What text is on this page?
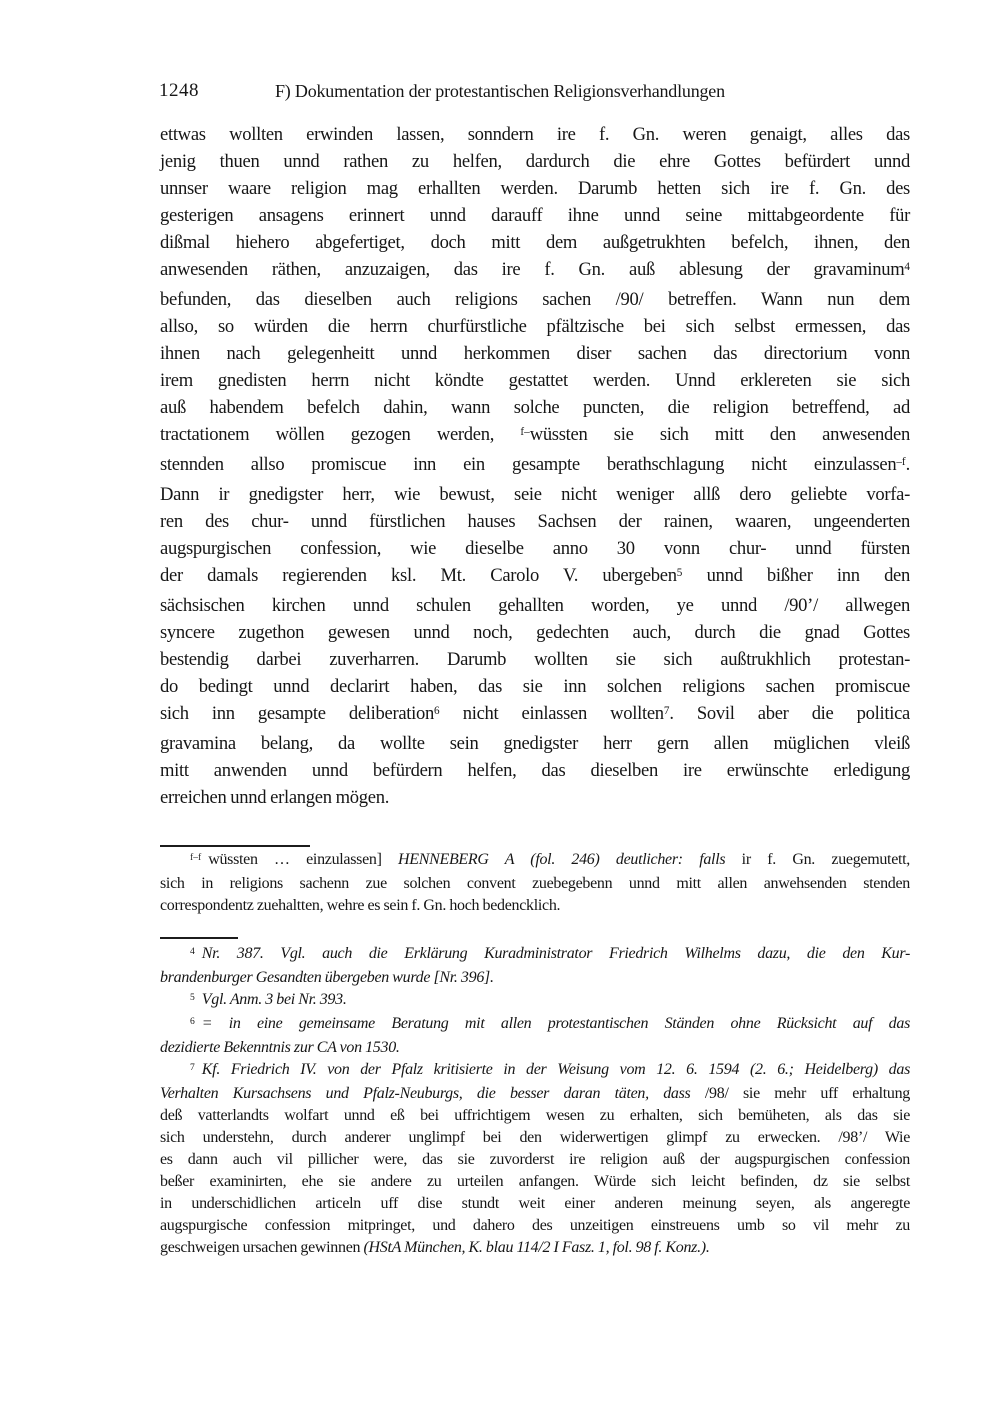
1248	F) Dokumentation der protestantischen Religionsverhandlungen
ettwas wollten erwinden lassen, sonndern ire f. Gn. weren genaigt, alles das
jenig thuen unnd rathen zu helfen, dardurch die ehre Gottes befürdert unnd
unnser waare religion mag erhallten werden. Darumb hetten sich ire f. Gn. des
gesterigen ansagens erinnert unnd darauff ihne unnd seine mittabgeordente für
dißmal hiehero abgefertiget, doch mitt dem außgetrukhten befelch, ihnen, den
anwesenden räthen, anzuzaigen, das ire f. Gn. auß ablesung der gravaminum$^4$
befunden, das dieselben auch religions sachen /90/ betreffen. Wann nun dem
allso, so würden die herrn churfürstliche pfältzische bei sich selbst ermessen, das
ihnen nach gelegenheitt unnd herkommen diser sachen das directorium vonn
irem gnedisten herrn nicht köndte gestattet werden. Unnd erklereten sie sich
auß habendem befelch dahin, wann solche puncten, die religion betreffend, ad
tractationem wöllen gezogen werden, $^{f-}$wüssten sie sich mitt den anwesenden
stennden allso promiscue inn ein gesampte berathschlagung nicht einzulassen$^{-f}$.
Dann ir gnedigster herr, wie bewust, seie nicht weniger allß dero geliebte vorfa-
ren des chur- unnd fürstlichen hauses Sachsen der rainen, waaren, ungeenderten
augspurgischen confession, wie dieselbe anno 30 vonn chur- unnd fürsten
der damals regierenden ksl. Mt. Carolo V. ubergeben$^5$ unnd bißher inn den
sächsischen kirchen unnd schulen gehallten worden, ye unnd /90’/ allwegen
syncere zugethon gewesen unnd noch, gedechten auch, durch die gnad Gottes
bestendig darbei zuverharren. Darumb wollten sie sich außtrukhlich protestan-
do bedingt unnd declarirt haben, das sie inn solchen religions sachen promiscue
sich inn gesampte deliberation$^6$ nicht einlassen wollten$^7$. Sovil aber die politica
gravamina belang, da wollte sein gnedigster herr gern allen müglichen vleiß
mitt anwenden unnd befürdern helfen, das dieselben ire erwünschte erledigung
erreichen unnd erlangen mögen.
$^{f-f}$ wüssten … einzulassen] HENNEBERG A (fol. 246) deutlicher: falls ir f. Gn. zuegemutett,
sich in religions sachenn zue solchen convent zuebegebenn unnd mitt allen anwehsenden stenden
correspondentz zuehaltten, wehre es sein f. Gn. hoch bedencklich.
$^4$ Nr. 387. Vgl. auch die Erklärung Kuradministrator Friedrich Wilhelms dazu, die den Kur-
brandenburger Gesandten übergeben wurde [Nr. 396].
$^5$ Vgl. Anm. 3 bei Nr. 393.
$^6$ = in eine gemeinsame Beratung mit allen protestantischen Ständen ohne Rücksicht auf das
dezidierte Bekenntnis zur CA von 1530.
$^7$ Kf. Friedrich IV. von der Pfalz kritisierte in der Weisung vom 12. 6. 1594 (2. 6.; Heidelberg) das
Verhalten Kursachsens und Pfalz-Neuburgs, die besser daran täten, dass /98/ sie mehr uff erhaltung
deß vatterlandts wolfart unnd eß bei uffrichtigem wesen zu erhalten, sich bemüheten, als das sie
sich understehn, durch anderer unglimpf bei den widerwertigen glimpf zu erwecken. /98’/ Wie
es dann auch vil pillicher were, das sie zuvorderst ire religion auß der augspurgischen confession
beßer examinirten, ehe sie andere zu urteilen anfangen. Würde sich leicht befinden, dz sie selbst
in underschidlichen articeln uff dise stundt weit einer anderen meinung seyen, als angeregte
augspurgische confession mitpringet, und dahero des unzeitigen einstreuens umb so vil mehr zu
geschweigen ursachen gewinnen (HStA München, K. blau 114/2 I Fasz. 1, fol. 98 f. Konz.).
